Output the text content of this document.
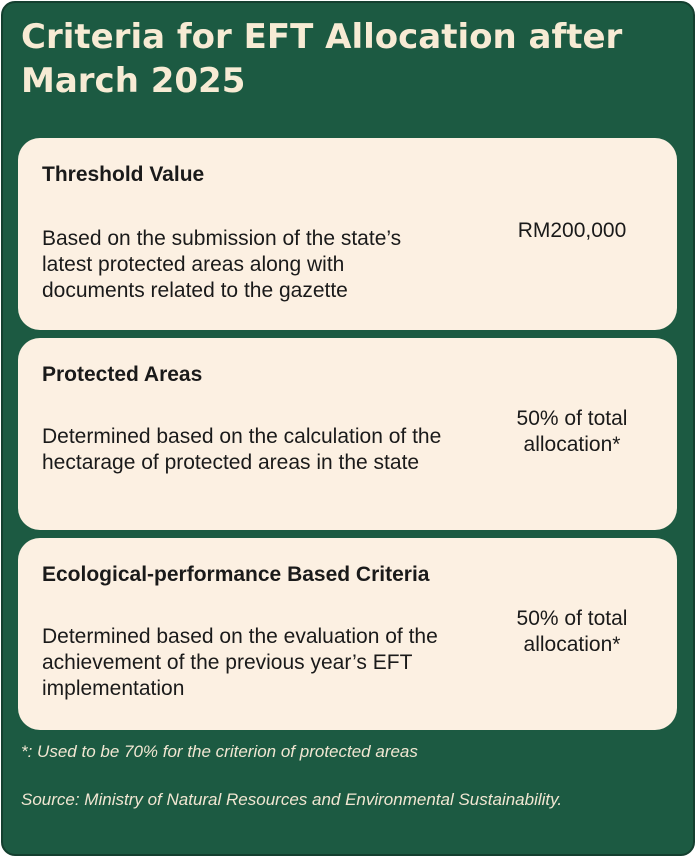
Criteria for EFT Allocation after March 2025
Threshold Value
Based on the submission of the state’s latest protected areas along with documents related to the gazette
RM200,000
Protected Areas
Determined based on the calculation of the hectarage of protected areas in the state
50% of total allocation*
Ecological-performance Based Criteria
Determined based on the evaluation of the achievement of the previous year’s EFT implementation
50% of total allocation*
*: Used to be 70% for the criterion of protected areas
Source: Ministry of Natural Resources and Environmental Sustainability.
